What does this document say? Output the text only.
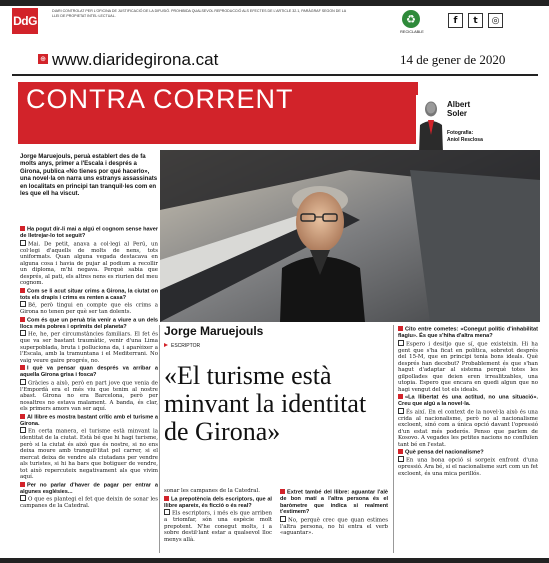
DdG
DIARI CONTROLAT PER L'OFICINA DE JUSTIFICACIÓ DE LA DIFUSIÓ. PROHIBIDA QUALSEVOL REPRODUCCIÓ ALS EFECTES DE L'ARTICLE 32.1, PARÀGRAF SEGON DE LA LLEI DE PROPIETAT INTEL·LECTUAL.	♻
RECICLABLE
f	t	◎
⊕ www.diaridegirona.cat	14 de gener de 2020
CONTRA CORRENT	Albert
Soler
Fotografia:
Aniol Resclosa
Jorge Maruejouls, peruà establert des de fa molts anys, primer a l'Escala i després a Girona, publica «No tienes por qué hacerlo», una novel·la on narra uns estranys assassinats en localitats en principi tan tranquil·les com en les que ell ha viscut.
Ha pogut dir-li mai a algú el cognom sense haver de lletrejar-lo tot seguit?
Mai. De petit, anava a col·legi al Perú, un col·legi d'aquells de molts de nens, tots uniformats. Quan alguna vegada destacava en alguna cosa i havia de pujar al podium a recollir un diploma, m'hi negava. Perquè sabia que després, al pati, els altres nens es riurien del meu cognom.
Com se li acut situar crims a Girona, la ciutat on tots els drapis i crims es renten a casa?
Bé, però tingui en compte que els crims a Girona no tenen per què ser tan dolents.
Com és que un peruà tria venir a viure a un dels llocs més pobres i oprimits del planeta?
He, he, per circumstàncies familiars. El fet és que va ser bastant traumàtic, venir d'una Lima superpoblada, bruta i polluciona da, i aparèixer a l'Escala, amb la tramuntana i el Mediterrani. No vaig veure gaire progrés, no.
I què va pensar quan després va arribar a aquella Girona grisa i fosca?
Gràcies a això, però en part jove que venia de l'Empordà era el més viu que tenim al nostre abast. Girona no era Barcelona, però per nosaltres no estava malament. A banda, és clar, els primers amors van ser aquí.
Al llibre es mostra bastant crític amb el turisme a Girona.
En certa manera, el turisme està minvant la identitat de la ciutat. Està bé que hi hagi turisme, però si la ciutat és això que és nostre, si no ens deixa moure amb tranquil·litat pel carrer, si el mercat deixa de vendre als ciutadans per vendre als turistes, si hi ha bars que botiguer de vendre, tot això repercuteix negativament als que vivim aquí.
Per no parlar d'haver de pagar per entrar a algunes esglésies...
O que es plantegi el fet que deixin de sonar les campanes de la Catedral.
Jorge Maruejouls
ESCRIPTOR
«El turisme està minvant la identitat de Girona»
sonar les campanes de la Catedral.
La prepotència dels escriptors, que al llibre apareix, és ficció o és real?
Els escriptors, i més els que arriben a triomfar, són una espècie molt prepotent. N'he conegut molts, i a sobre destil·lant estar a qualsevol lloc menys allà.
Extret també del llibre: aguantar l'alè de bon matí a l'altra persona és el baròmetre que indica si realment t'estimem?
No, perquè crec que quan estimes l'altra persona, no hi entra el verb «aguantar».
Cito entre cometes: «Conegut polític d'inhabilitat flagiu». És que s'hiha d'altra mena?
Espero i desitjo que sí, que existeixin. Hi ha gent que s'ha ficat en política, sobretot després del 15-M, que en principi tenia bons ideals. Què després han decebut? Probablement és que s'han hagut d'adaptar al sistema perquè totes les gilpollades que deien eren irrealitzables, una utopia. Espero que encara en quedi algun que no hagi vengut del tot els ideals.
«La llibertat és una actitud, no una situació». Creu que algú a la novel·la.
És així. En el context de la novel·la això és una crida al nacionalisme, però no al nacionalisme excloent, sinó com a única opció davant l'opressió d'un estat més poderós. Penso que parlem de Kosovo. A vegades les petites nacions no confluïen tant bé en l'estat.
Què pensa del nacionalisme?
En una bona opció si sorgeix enfront d'una opressió. Ara bé, si el nacionalisme surt com un fet excloent, és una mica perillós.
